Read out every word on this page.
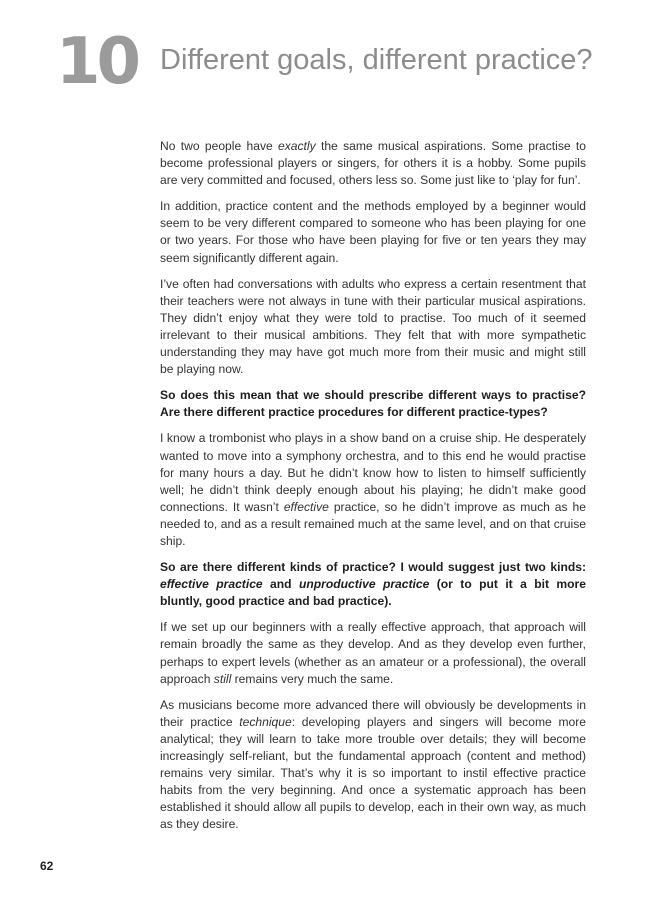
10 Different goals, different practice?

No two people have exactly the same musical aspirations. Some practise to become professional players or singers, for others it is a hobby. Some pupils are very committed and focused, others less so. Some just like to ‘play for fun’.

In addition, practice content and the methods employed by a beginner would seem to be very different compared to someone who has been playing for one or two years. For those who have been playing for five or ten years they may seem significantly different again.

I’ve often had conversations with adults who express a certain resentment that their teachers were not always in tune with their particular musical aspirations. They didn’t enjoy what they were told to practise. Too much of it seemed irrelevant to their musical ambitions. They felt that with more sympathetic understanding they may have got much more from their music and might still be playing now.

So does this mean that we should prescribe different ways to practise? Are there different practice procedures for different practice-types?

I know a trombonist who plays in a show band on a cruise ship. He desperately wanted to move into a symphony orchestra, and to this end he would practise for many hours a day. But he didn’t know how to listen to himself sufficiently well; he didn’t think deeply enough about his playing; he didn’t make good connections. It wasn’t effective practice, so he didn’t improve as much as he needed to, and as a result remained much at the same level, and on that cruise ship.

So are there different kinds of practice? I would suggest just two kinds: effective practice and unproductive practice (or to put it a bit more bluntly, good practice and bad practice).

If we set up our beginners with a really effective approach, that approach will remain broadly the same as they develop. And as they develop even further, perhaps to expert levels (whether as an amateur or a professional), the overall approach still remains very much the same.

As musicians become more advanced there will obviously be developments in their practice technique: developing players and singers will become more analytical; they will learn to take more trouble over details; they will become increasingly self-reliant, but the fundamental approach (content and method) remains very similar. That’s why it is so important to instil effective practice habits from the very beginning. And once a systematic approach has been established it should allow all pupils to develop, each in their own way, as much as they desire.

62
